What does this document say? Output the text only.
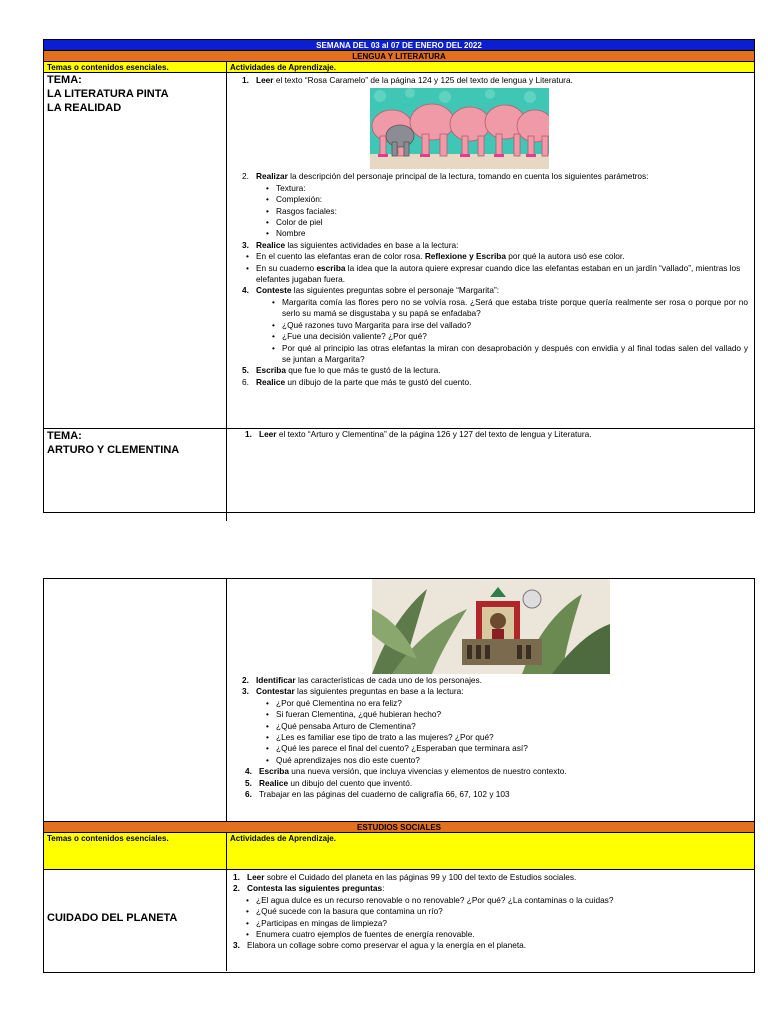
SEMANA DEL 03 al 07 DE ENERO DEL 2022
LENGUA Y LITERATURA
Temas o contenidos esenciales.	Actividades de Aprendizaje.
TEMA:
LA LITERATURA PINTA
LA REALIDAD
1. Leer el texto “Rosa Caramelo” de la página 124 y 125 del texto de lengua y Literatura.
2. Realizar la descripción del personaje principal de la lectura, tomando en cuenta los siguientes parámetros:
• Textura:
• Complexión:
• Rasgos faciales:
• Color de piel
• Nombre
3. Realice las siguientes actividades en base a la lectura:
• En el cuento las elefantas eran de color rosa. Reflexione y Escriba por qué la autora usó ese color.
• En su cuaderno escriba la idea que la autora quiere expresar cuando dice las elefantas estaban en un jardín “vallado”, mientras los elefantes jugaban fuera.
4. Conteste las siguientes preguntas sobre el personaje “Margarita”:
• Margarita comía las flores pero no se volvía rosa. ¿Será que estaba triste porque quería realmente ser rosa o porque por no serlo su mamá se disgustaba y su papá se enfadaba?
• ¿Qué razones tuvo Margarita para irse del vallado?
• ¿Fue una decisión valiente? ¿Por qué?
• Por qué al principio las otras elefantas la miran con desaprobación y después con envidia y al final todas salen del vallado y se juntan a Margarita?
5. Escriba que fue lo que más te gustó de la lectura.
6. Realice un dibujo de la parte que más te gustó del cuento.
TEMA:
ARTURO Y CLEMENTINA
1. Leer el texto “Arturo y Clementina” de la página 126 y 127 del texto de lengua y Literatura.
2. Identificar las características de cada uno de los personajes.
3. Contestar las siguientes preguntas en base a la lectura:
• ¿Por qué Clementina no era feliz?
• Si fueran Clementina, ¿qué hubieran hecho?
• ¿Qué pensaba Arturo de Clementina?
• ¿Les es familiar ese tipo de trato a las mujeres? ¿Por qué?
• ¿Qué les parece el final del cuento? ¿Esperaban que terminara así?
• Qué aprendizajes nos dio este cuento?
4. Escriba una nueva versión, que incluya vivencias y elementos de nuestro contexto.
5. Realice un dibujo del cuento que inventó.
6. Trabajar en las páginas del cuaderno de caligrafía 66, 67, 102 y 103
ESTUDIOS SOCIALES
Temas o contenidos esenciales.	Actividades de Aprendizaje.
CUIDADO DEL PLANETA
1. Leer sobre el Cuidado del planeta en las páginas 99 y 100 del texto de Estudios sociales.
2. Contesta las siguientes preguntas:
• ¿El agua dulce es un recurso renovable o no renovable? ¿Por qué? ¿La contaminas o la cuidas?
• ¿Qué sucede con la basura que contamina un río?
• ¿Participas en mingas de limpieza?
• Enumera cuatro ejemplos de fuentes de energía renovable.
3. Elabora un collage sobre como preservar el agua y la energía en el planeta.
